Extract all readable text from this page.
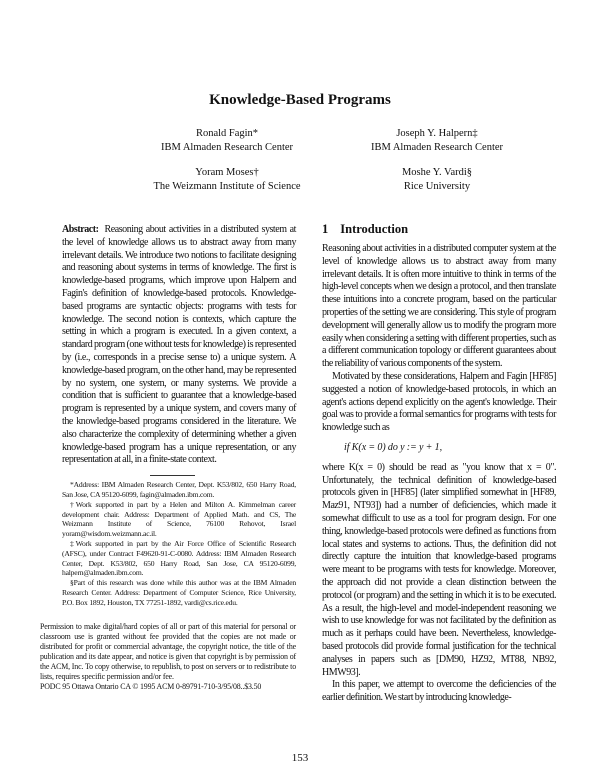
Knowledge-Based Programs
Ronald Fagin*
IBM Almaden Research Center
Joseph Y. Halpern‡
IBM Almaden Research Center
Yoram Moses†
The Weizmann Institute of Science
Moshe Y. Vardi§
Rice University

Abstract: Reasoning about activities in a distributed system at the level of knowledge allows us to abstract away from many irrelevant details. We introduce two notions to facilitate designing and reasoning about systems in terms of knowledge. The first is knowledge-based programs, which improve upon Halpern and Fagin's definition of knowledge-based protocols. Knowledge-based programs are syntactic objects: programs with tests for knowledge. The second notion is contexts, which capture the setting in which a program is executed. In a given context, a standard program (one without tests for knowledge) is represented by (i.e., corresponds in a precise sense to) a unique system. A knowledge-based program, on the other hand, may be represented by no system, one system, or many systems. We provide a condition that is sufficient to guarantee that a knowledge-based program is represented by a unique system, and covers many of the knowledge-based programs considered in the literature. We also characterize the complexity of determining whether a given knowledge-based program has a unique representation, or any representation at all, in a finite-state context.

*Address: IBM Almaden Research Center, Dept. K53/802, 650 Harry Road, San Jose, CA 95120-6099, fagin@almaden.ibm.com.

†Work supported in part by a Helen and Milton A. Kimmelman career development chair. Address: Department of Applied Math. and CS, The Weizmann Institute of Science, 76100 Rehovot, Israel yoram@wisdom.weizmann.ac.il.

‡Work supported in part by the Air Force Office of Scientific Research (AFSC), under Contract F49620-91-C-0080. Address: IBM Almaden Research Center, Dept. K53/802, 650 Harry Road, San Jose, CA 95120-6099, halpern@almaden.ibm.com.

§Part of this research was done while this author was at the IBM Almaden Research Center. Address: Department of Computer Science, Rice University, P.O. Box 1892, Houston, TX 77251-1892, vardi@cs.rice.edu.

Permission to make digital/hard copies of all or part of this material for personal or classroom use is granted without fee provided that the copies are not made or distributed for profit or commercial advantage, the copyright notice, the title of the publication and its date appear, and notice is given that copyright is by permission of the ACM, Inc. To copy otherwise, to republish, to post on servers or to redistribute to lists, requires specific permission and/or fee.

PODC 95 Ottawa Ontario CA © 1995 ACM 0-89791-710-3/95/08..$3.50

1 Introduction

Reasoning about activities in a distributed computer system at the level of knowledge allows us to abstract away from many irrelevant details. It is often more intuitive to think in terms of the high-level concepts when we design a protocol, and then translate these intuitions into a concrete program, based on the particular properties of the setting we are considering. This style of program development will generally allow us to modify the program more easily when considering a setting with different properties, such as a different communication topology or different guarantees about the reliability of various components of the system.

Motivated by these considerations, Halpern and Fagin [HF85] suggested a notion of knowledge-based protocols, in which an agent's actions depend explicitly on the agent's knowledge. Their goal was to provide a formal semantics for programs with tests for knowledge such as

if K(x = 0) do y := y + 1,

where K(x = 0) should be read as "you know that x = 0". Unfortunately, the technical definition of knowledge-based protocols given in [HF85] (later simplified somewhat in [HF89, Maz91, NT93]) had a number of deficiencies, which made it somewhat difficult to use as a tool for program design. For one thing, knowledge-based protocols were defined as functions from local states and systems to actions. Thus, the definition did not directly capture the intuition that knowledge-based programs were meant to be programs with tests for knowledge. Moreover, the approach did not provide a clean distinction between the protocol (or program) and the setting in which it is to be executed. As a result, the high-level and model-independent reasoning we wish to use knowledge for was not facilitated by the definition as much as it perhaps could have been. Nevertheless, knowledge-based protocols did provide formal justification for the technical analyses in papers such as [DM90, HZ92, MT88, NB92, HMW93].

In this paper, we attempt to overcome the deficiencies of the earlier definition. We start by introducing knowledge-

153
